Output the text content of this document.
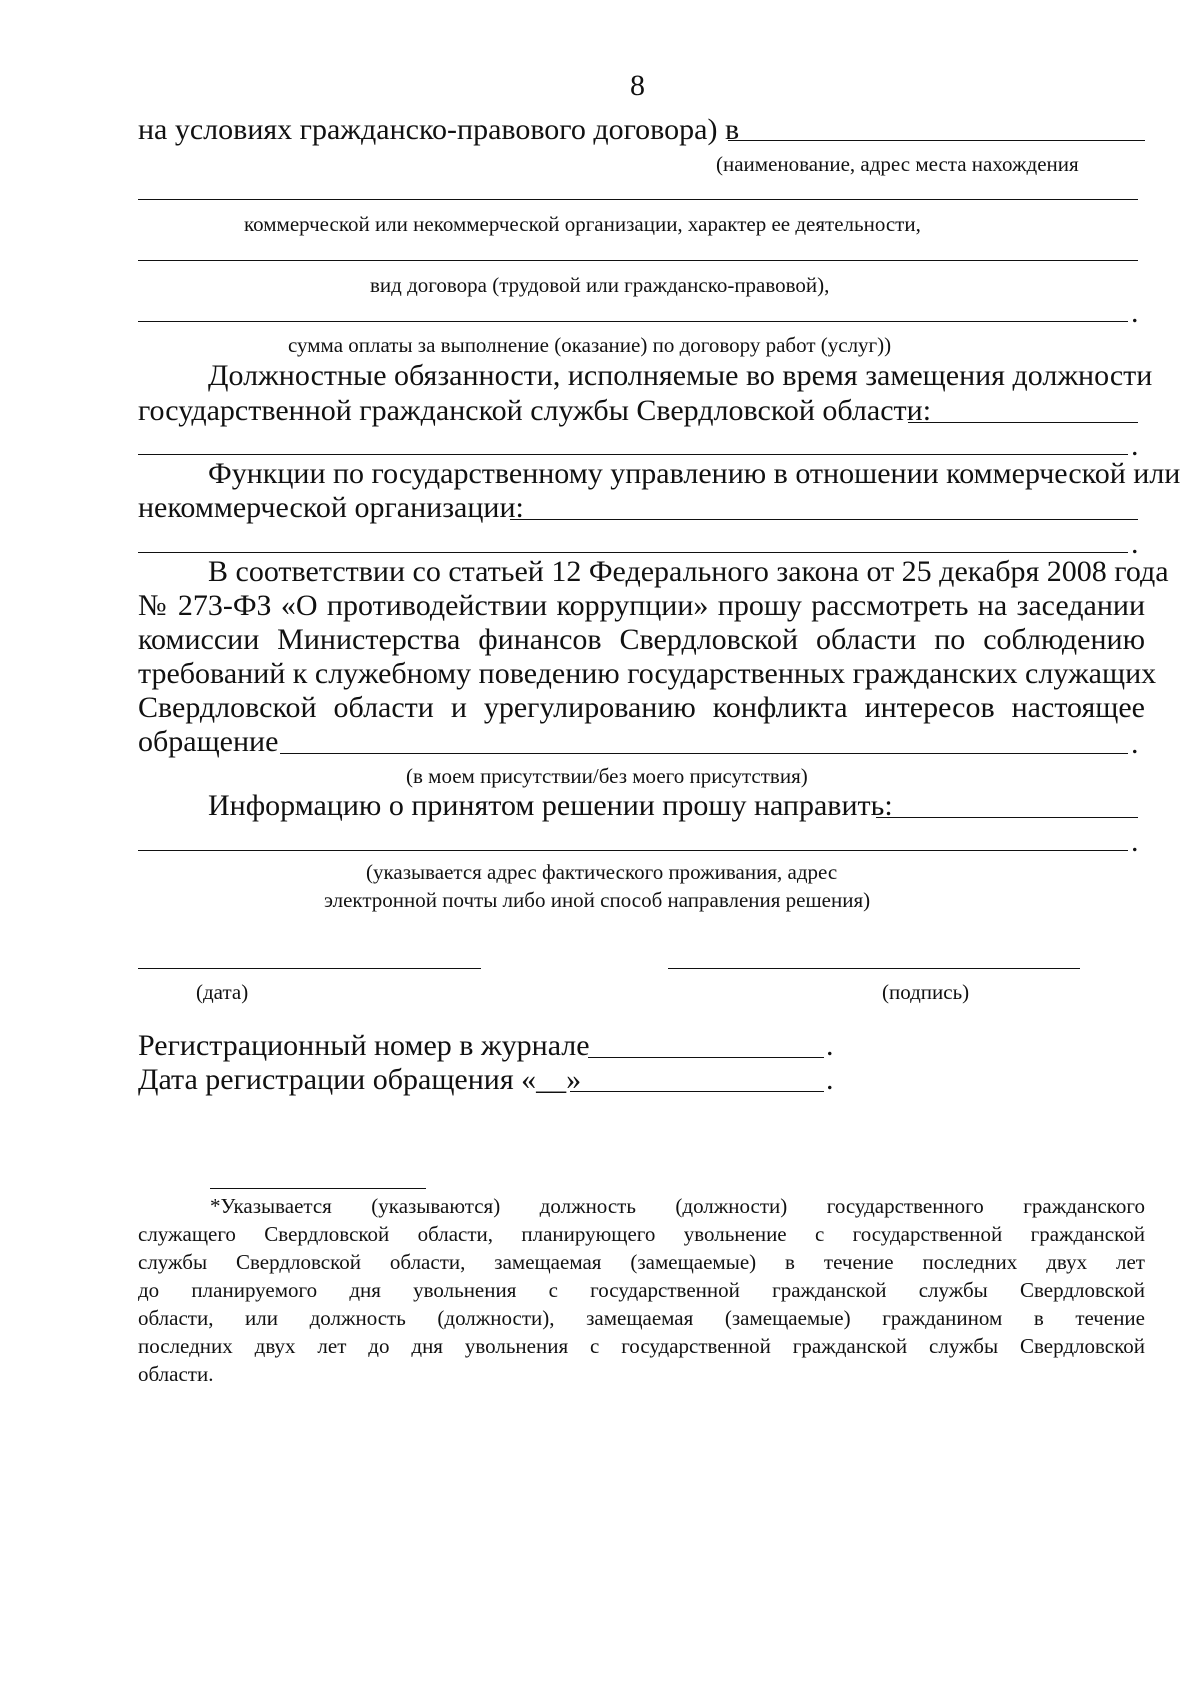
8
на условиях гражданско-правового договора) в
(наименование, адрес места нахождения
коммерческой или некоммерческой организации, характер ее деятельности,
вид договора (трудовой или гражданско-правовой),
.
сумма оплаты за выполнение (оказание) по договору работ (услуг))
Должностные обязанности, исполняемые во время замещения должности
государственной гражданской службы Свердловской области:
.
Функции по государственному управлению в отношении коммерческой или
некоммерческой организации:
.
В соответствии со статьей 12 Федерального закона от 25 декабря 2008 года
№ 273-ФЗ «О противодействии коррупции» прошу рассмотреть на заседании
комиссии Министерства финансов Свердловской области по соблюдению
требований к служебному поведению государственных гражданских служащих
Свердловской области и урегулированию конфликта интересов настоящее
обращение	.
(в моем присутствии/без моего присутствия)
Информацию о принятом решении прошу направить:
.
(указывается адрес фактического проживания, адрес
электронной почты либо иной способ направления решения)
(дата)	(подпись)
Регистрационный номер в журнале	.
Дата регистрации обращения «__»	.
*Указывается (указываются) должность (должности) государственного гражданского
служащего Свердловской области, планирующего увольнение с государственной гражданской
службы Свердловской области, замещаемая (замещаемые) в течение последних двух лет
до планируемого дня увольнения с государственной гражданской службы Свердловской
области, или должность (должности), замещаемая (замещаемые) гражданином в течение
последних двух лет до дня увольнения с государственной гражданской службы Свердловской
области.
